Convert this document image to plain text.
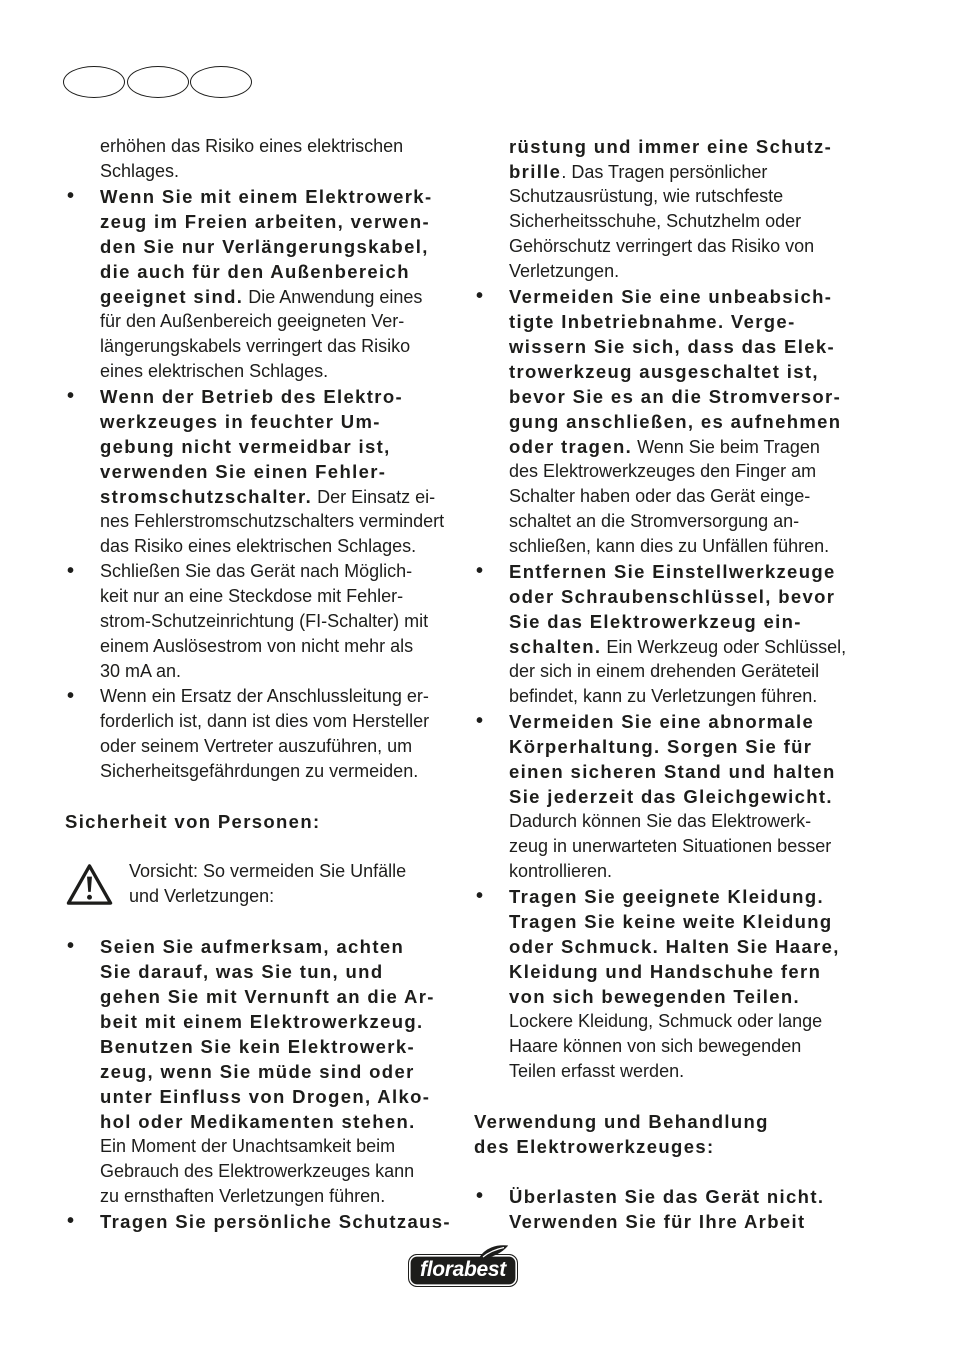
erhöhen das Risiko eines elektrischen
Schlages.
• Wenn Sie mit einem Elektrowerk-
zeug im Freien arbeiten, verwen-
den Sie nur Verlängerungskabel,
die auch für den Außenbereich
geeignet sind. Die Anwendung eines
für den Außenbereich geeigneten Ver-
längerungskabels verringert das Risiko
eines elektrischen Schlages.
• Wenn der Betrieb des Elektro-
werkzeuges in feuchter Um-
gebung nicht vermeidbar ist,
verwenden Sie einen Fehler-
stromschutzschalter. Der Einsatz ei-
nes Fehlerstromschutzschalters vermindert
das Risiko eines elektrischen Schlages.
• Schließen Sie das Gerät nach Möglich-
keit nur an eine Steckdose mit Fehler-
strom-Schutzeinrichtung (FI-Schalter) mit
einem Auslösestrom von nicht mehr als
30 mA an.
• Wenn ein Ersatz der Anschlussleitung er-
forderlich ist, dann ist dies vom Hersteller
oder seinem Vertreter auszuführen, um
Sicherheitsgefährdungen zu vermeiden.
Sicherheit von Personen:
Vorsicht: So vermeiden Sie Unfälle
und Verletzungen:
• Seien Sie aufmerksam, achten
Sie darauf, was Sie tun, und
gehen Sie mit Vernunft an die Ar-
beit mit einem Elektrowerkzeug.
Benutzen Sie kein Elektrowerk-
zeug, wenn Sie müde sind oder
unter Einfluss von Drogen, Alko-
hol oder Medikamenten stehen.
Ein Moment der Unachtsamkeit beim
Gebrauch des Elektrowerkzeuges kann
zu ernsthaften Verletzungen führen.
• Tragen Sie persönliche Schutzaus-
rüstung und immer eine Schutz-
brille. Das Tragen persönlicher
Schutzausrüstung, wie rutschfeste
Sicherheitsschuhe, Schutzhelm oder
Gehörschutz verringert das Risiko von
Verletzungen.
• Vermeiden Sie eine unbeabsich-
tigte Inbetriebnahme. Verge-
wissern Sie sich, dass das Elek-
trowerkzeug ausgeschaltet ist,
bevor Sie es an die Stromversor-
gung anschließen, es aufnehmen
oder tragen. Wenn Sie beim Tragen
des Elektrowerkzeuges den Finger am
Schalter haben oder das Gerät einge-
schaltet an die Stromversorgung an-
schließen, kann dies zu Unfällen führen.
• Entfernen Sie Einstellwerkzeuge
oder Schraubenschlüssel, bevor
Sie das Elektrowerkzeug ein-
schalten. Ein Werkzeug oder Schlüssel,
der sich in einem drehenden Geräteteil
befindet, kann zu Verletzungen führen.
• Vermeiden Sie eine abnormale
Körperhaltung. Sorgen Sie für
einen sicheren Stand und halten
Sie jederzeit das Gleichgewicht.
Dadurch können Sie das Elektrowerk-
zeug in unerwarteten Situationen besser
kontrollieren.
• Tragen Sie geeignete Kleidung.
Tragen Sie keine weite Kleidung
oder Schmuck. Halten Sie Haare,
Kleidung und Handschuhe fern
von sich bewegenden Teilen.
Lockere Kleidung, Schmuck oder lange
Haare können von sich bewegenden
Teilen erfasst werden.
Verwendung und Behandlung
des Elektrowerkzeuges:
• Überlasten Sie das Gerät nicht.
Verwenden Sie für Ihre Arbeit
florabest
